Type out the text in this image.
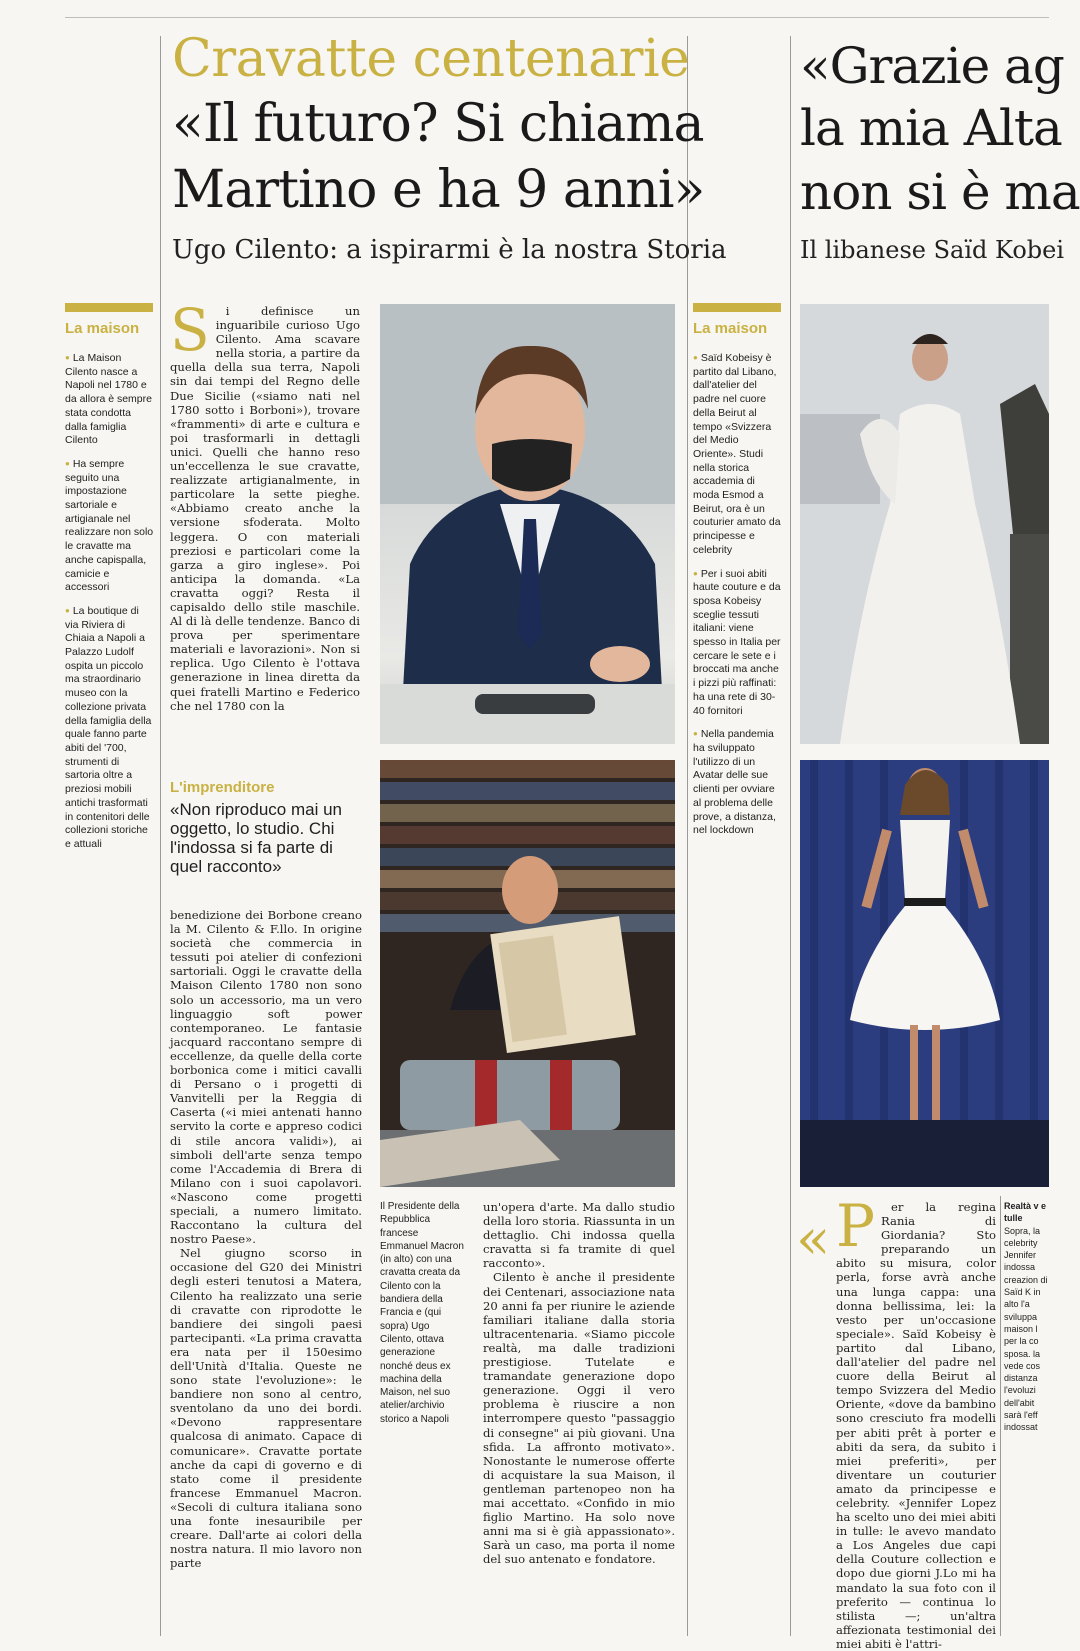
Cravatte centenarie
«Il futuro? Si chiama
Martino e ha 9 anni»
Ugo Cilento: a ispirarmi è la nostra Storia
La maison

● La Maison Cilento nasce a Napoli nel 1780 e da allora è sempre stata condotta dalla famiglia Cilento

● Ha sempre seguito una impostazione sartoriale e artigianale nel realizzare non solo le cravatte ma anche capispalla, camicie e accessori

● La boutique di via Riviera di Chiaia a Napoli a Palazzo Ludolf ospita un piccolo ma straordinario museo con la collezione privata della famiglia della quale fanno parte abiti del '700, strumenti di sartoria oltre a preziosi mobili antichi trasformati in contenitori delle collezioni storiche e attuali

S	i definisce un inguaribile curioso Ugo Cilento. Ama scavare nella storia, a partire da quella della sua terra, Napoli sin dai tempi del Regno delle Due Sicilie («siamo nati nel 1780 sotto i Borboni»), trovare «frammenti» di arte e cultura e poi trasformarli in dettagli unici. Quelli che hanno reso un'eccellenza le sue cravatte, realizzate artigianalmente, in particolare la sette pieghe. «Abbiamo creato anche la versione sfoderata. Molto leggera. O con materiali preziosi e particolari come la garza a giro inglese». Poi anticipa la domanda. «La cravatta oggi? Resta il capisaldo dello stile maschile. Al di là delle tendenze. Banco di prova per sperimentare materiali e lavorazioni». Non si replica. Ugo Cilento è l'ottava generazione in linea diretta da quei fratelli Martino e Federico che nel 1780 con la

L'imprenditore
«Non riproduco mai un oggetto, lo studio. Chi l'indossa si fa parte di quel racconto»

benedizione dei Borbone creano la M. Cilento & F.llo. In origine società che commercia in tessuti poi atelier di confezioni sartoriali. Oggi le cravatte della Maison Cilento 1780 non sono solo un accessorio, ma un vero linguaggio soft power contemporaneo. Le fantasie jacquard raccontano sempre di eccellenze, da quelle della corte borbonica come i mitici cavalli di Persano o i progetti di Vanvitelli per la Reggia di Caserta («i miei antenati hanno servito la corte e appreso codici di stile ancora validi»), ai simboli dell'arte senza tempo come l'Accademia di Brera di Milano con i suoi capolavori. «Nascono come progetti speciali, a numero limitato. Raccontano la cultura del nostro Paese».

Nel giugno scorso in occasione del G20 dei Ministri degli esteri tenutosi a Matera, Cilento ha realizzato una serie di cravatte con riprodotte le bandiere dei singoli paesi partecipanti. «La prima cravatta era nata per il 150esimo dell'Unità d'Italia. Queste ne sono state l'evoluzione»: le bandiere non sono al centro, sventolano da uno dei bordi. «Devono rappresentare qualcosa di animato. Capace di comunicare». Cravatte portate anche da capi di governo e di stato come il presidente francese Emmanuel Macron. «Secoli di cultura italiana sono una fonte inesauribile per creare. Dall'arte ai colori della nostra natura. Il mio lavoro non parte

Il Presidente della Repubblica francese Emmanuel Macron (in alto) con una cravatta creata da Cilento con la bandiera della Francia e (qui sopra) Ugo Cilento, ottava generazione nonché deus ex machina della Maison, nel suo atelier/archivio storico a Napoli

un'opera d'arte. Ma dallo studio della loro storia. Riassunta in un dettaglio. Chi indossa quella cravatta si fa tramite di quel racconto».

Cilento è anche il presidente dei Centenari, associazione nata 20 anni fa per riunire le aziende familiari italiane dalla storia ultracentenaria. «Siamo piccole realtà, ma dalle tradizioni prestigiose. Tutelate e tramandate generazione dopo generazione. Oggi il vero problema è riuscire a non interrompere questo "passaggio di consegne" ai più giovani. Una sfida. La affronto motivato». Nonostante le numerose offerte di acquistare la sua Maison, il gentleman partenopeo non ha mai accettato. «Confido in mio figlio Martino. Ha solo nove anni ma si è già appassionato». Sarà un caso, ma porta il nome del suo antenato e fondatore.

«Grazie ag
la mia Alta
non si è ma
Il libanese Saïd Kobei
La maison

● Saïd Kobeisy è partito dal Libano, dall'atelier del padre nel cuore della Beirut al tempo «Svizzera del Medio Oriente». Studi nella storica accademia di moda Esmod a Beirut, ora è un couturier amato da principesse e celebrity

● Per i suoi abiti haute couture e da sposa Kobeisy sceglie tessuti italiani: viene spesso in Italia per cercare le sete e i broccati ma anche i pizzi più raffinati: ha una rete di 30-40 fornitori

● Nella pandemia ha sviluppato l'utilizzo di un Avatar delle sue clienti per ovviare al problema delle prove, a distanza, nel lockdown

« P	er la regina Rania di Giordania? Sto preparando un abito su misura, color perla, forse avrà anche una lunga cappa: una donna bellissima, lei: la vesto per un'occasione speciale». Saïd Kobeisy è partito dal Libano, dall'atelier del padre nel cuore della Beirut al tempo Svizzera del Medio Oriente, «dove da bambino sono cresciuto fra modelli per abiti prêt à porter e abiti da sera, da subito i miei preferiti», per diventare un couturier amato da principesse e celebrity. «Jennifer Lopez ha scelto uno dei miei abiti in tulle: le avevo mandato a Los Angeles due capi della Couture collection e dopo due giorni J.Lo mi ha mandato la sua foto con il preferito — continua lo stilista —; un'altra affezionata testimonial dei miei abiti è l'attri-

Realtà v e tulle
Sopra, la celebrity Jennifer indossa creazion di Saïd K in alto l'a sviluppa maison l per la co sposa. la vede cos distanza l'evoluzi dell'abit sarà l'eff indossat
